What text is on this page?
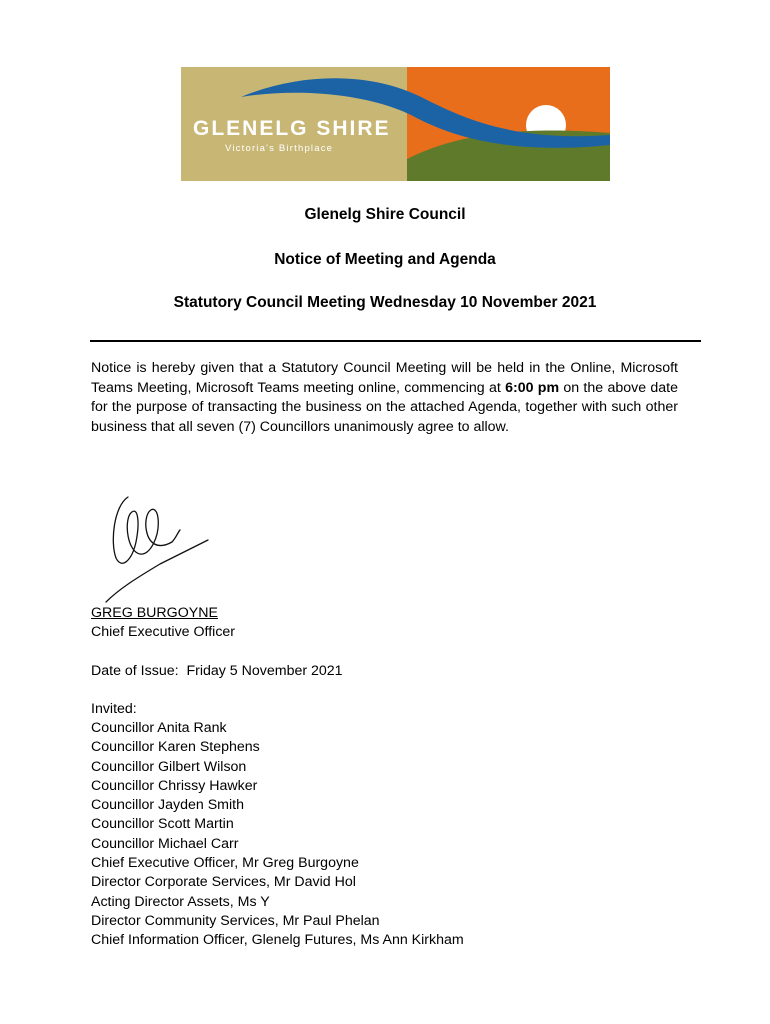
GLENELG SHIRE
Victoria's Birthplace
Glenelg Shire Council
Notice of Meeting and Agenda
Statutory Council Meeting Wednesday 10 November 2021
Notice is hereby given that a Statutory Council Meeting will be held in the Online, Microsoft Teams Meeting, Microsoft Teams meeting online, commencing at 6:00 pm on the above date for the purpose of transacting the business on the attached Agenda, together with such other business that all seven (7) Councillors unanimously agree to allow.
GREG BURGOYNE
Chief Executive Officer
Date of Issue: Friday 5 November 2021
Invited:
Councillor Anita Rank
Councillor Karen Stephens
Councillor Gilbert Wilson
Councillor Chrissy Hawker
Councillor Jayden Smith
Councillor Scott Martin
Councillor Michael Carr
Chief Executive Officer, Mr Greg Burgoyne
Director Corporate Services, Mr David Hol
Acting Director Assets, Ms Y
Director Community Services, Mr Paul Phelan
Chief Information Officer, Glenelg Futures, Ms Ann Kirkham
